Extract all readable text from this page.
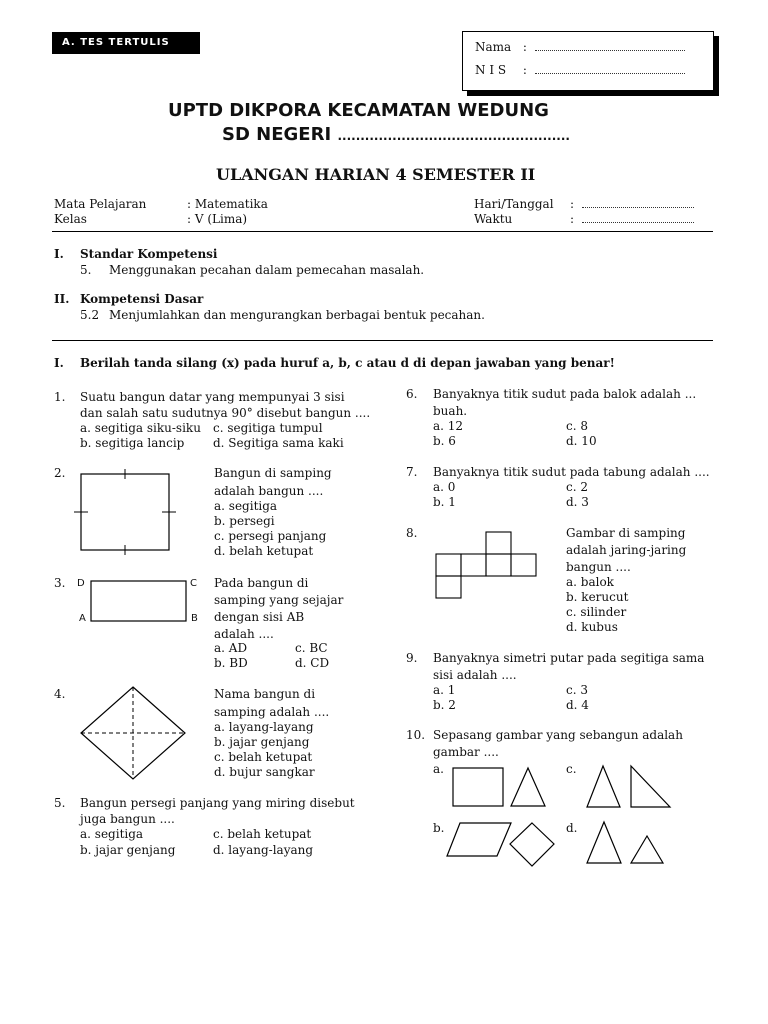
A. TES TERTULIS	Nama :
N I S :
UPTD DIKPORA KECAMATAN WEDUNG
SD NEGERI ...................................................
ULANGAN HARIAN 4 SEMESTER II
Mata Pelajaran	: Matematika
Kelas	: V (Lima)
Hari/Tanggal :
Waktu	:
I. Standar Kompetensi
5. Menggunakan pecahan dalam pemecahan masalah.
II. Kompetensi Dasar
5.2 Menjumlahkan dan mengurangkan berbagai bentuk pecahan.
I. Berilah tanda silang (x) pada huruf a, b, c atau d di depan jawaban yang benar!
1. Suatu bangun datar yang mempunyai 3 sisi
dan salah satu sudutnya 90° disebut bangun ....
a. segitiga siku-siku
b. segitiga lancip
c. segitiga tumpul
d. Segitiga sama kaki
2.	Bangun di samping
adalah bangun ....
a. segitiga
b. persegi
c. persegi panjang
d. belah ketupat
3. D	C
A	B
Pada bangun di
samping yang sejajar
dengan sisi AB
adalah ....
a. AD
b. BD
c. BC
d. CD
4.	Nama bangun di
samping adalah ....
a. layang-layang
b. jajar genjang
c. belah ketupat
d. bujur sangkar
5. Bangun persegi panjang yang miring disebut
juga bangun ....
a. segitiga
b. jajar genjang
c. belah ketupat
d. layang-layang
6. Banyaknya titik sudut pada balok adalah ...
buah.
a. 12
b. 6
c. 8
d. 10
7. Banyaknya titik sudut pada tabung adalah ....
a. 0
b. 1
c. 2
d. 3
8.	Gambar di samping
adalah jaring-jaring
bangun ....
a. balok
b. kerucut
c. silinder
d. kubus
9. Banyaknya simetri putar pada segitiga sama
sisi adalah ....
a. 1
b. 2
c. 3
d. 4
10. Sepasang gambar yang sebangun adalah
gambar ....
a.	c.
b.	d.
